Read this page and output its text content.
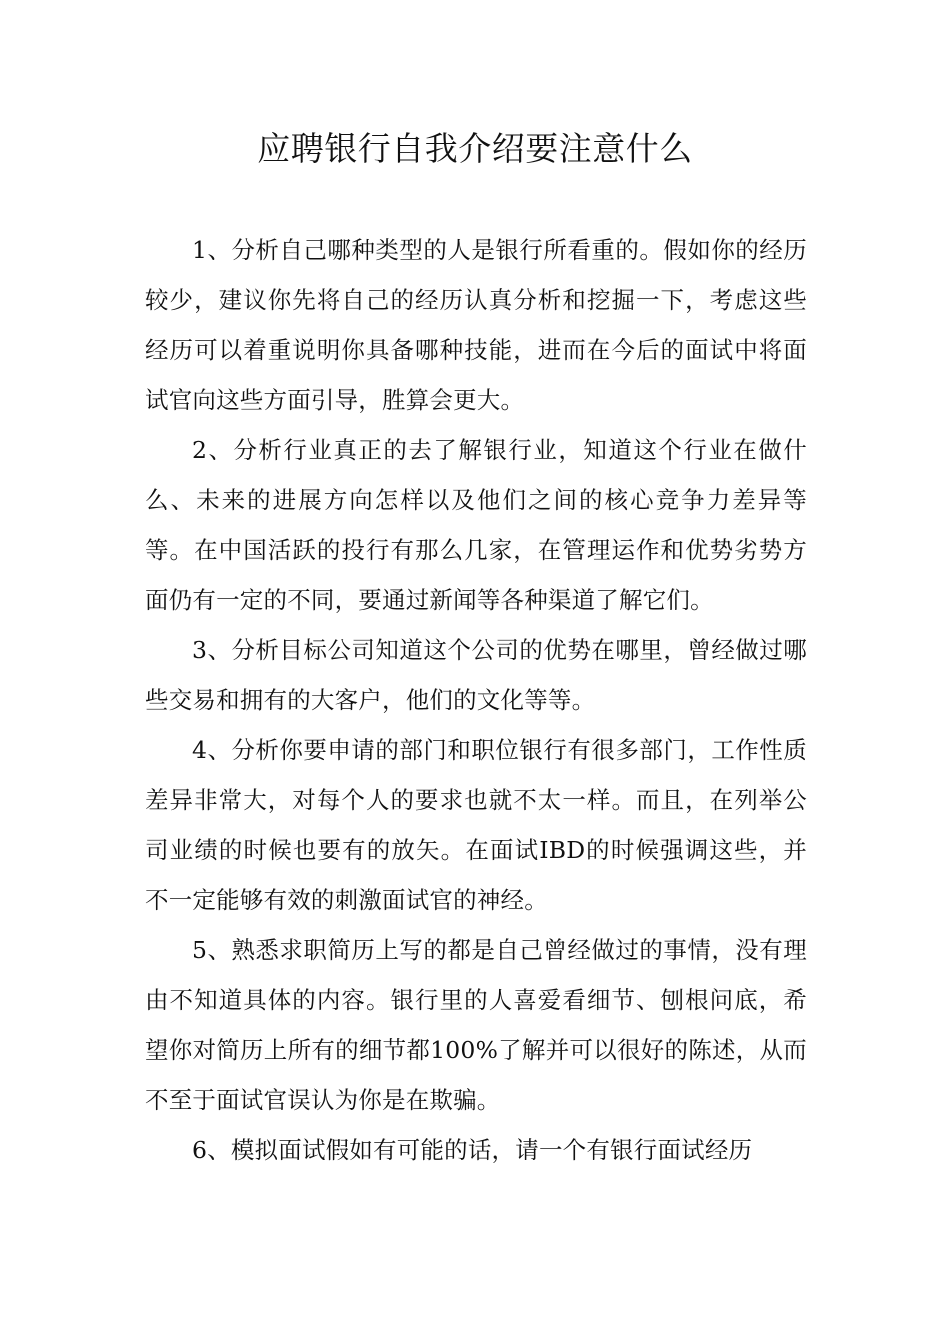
应聘银行自我介绍要注意什么

1、分析自己哪种类型的人是银行所看重的。假如你的经历较少，建议你先将自己的经历认真分析和挖掘一下，考虑这些经历可以着重说明你具备哪种技能，进而在今后的面试中将面试官向这些方面引导，胜算会更大。

2、分析行业真正的去了解银行业，知道这个行业在做什么、未来的进展方向怎样以及他们之间的核心竞争力差异等等。在中国活跃的投行有那么几家，在管理运作和优势劣势方面仍有一定的不同，要通过新闻等各种渠道了解它们。

3、分析目标公司知道这个公司的优势在哪里，曾经做过哪些交易和拥有的大客户，他们的文化等等。

4、分析你要申请的部门和职位银行有很多部门，工作性质差异非常大，对每个人的要求也就不太一样。而且，在列举公司业绩的时候也要有的放矢。在面试IBD的时候强调这些，并不一定能够有效的刺激面试官的神经。

5、熟悉求职简历上写的都是自己曾经做过的事情，没有理由不知道具体的内容。银行里的人喜爱看细节、刨根问底，希望你对简历上所有的细节都100%了解并可以很好的陈述，从而不至于面试官误认为你是在欺骗。

6、模拟面试假如有可能的话，请一个有银行面试经历
